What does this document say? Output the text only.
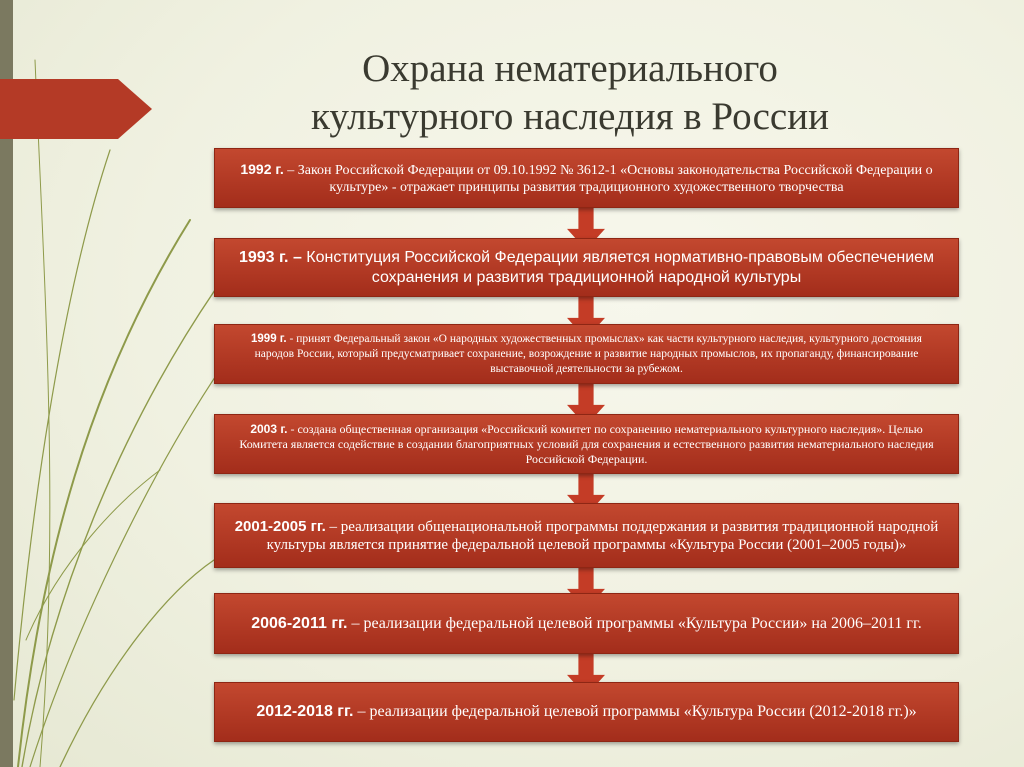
Охрана нематериального
культурного наследия в России
1992 г. – Закон Российской Федерации от 09.10.1992 № 3612-1 «Основы законодательства Российской Федерации о культуре» - отражает принципы развития традиционного художественного творчества
1993 г. – Конституция Российской Федерации является нормативно-правовым обеспечением сохранения и развития традиционной народной культуры
1999 г. - принят Федеральный закон «О народных художественных промыслах» как части культурного наследия, культурного достояния народов России, который предусматривает сохранение, возрождение и развитие народных промыслов, их пропаганду, финансирование выставочной деятельности за рубежом.
2003 г. - создана общественная организация «Российский комитет по сохранению нематериального культурного наследия». Целью Комитета является содействие в создании благоприятных условий для сохранения и естественного развития нематериального наследия Российской Федерации.
2001-2005 гг. – реализации общенациональной программы поддержания и развития традиционной народной культуры является принятие федеральной целевой программы «Культура России (2001–2005 годы)»
2006-2011 гг. – реализации федеральной целевой программы «Культура России» на 2006–2011 гг.
2012-2018 гг. – реализации федеральной целевой программы «Культура России (2012-2018 гг.)»
